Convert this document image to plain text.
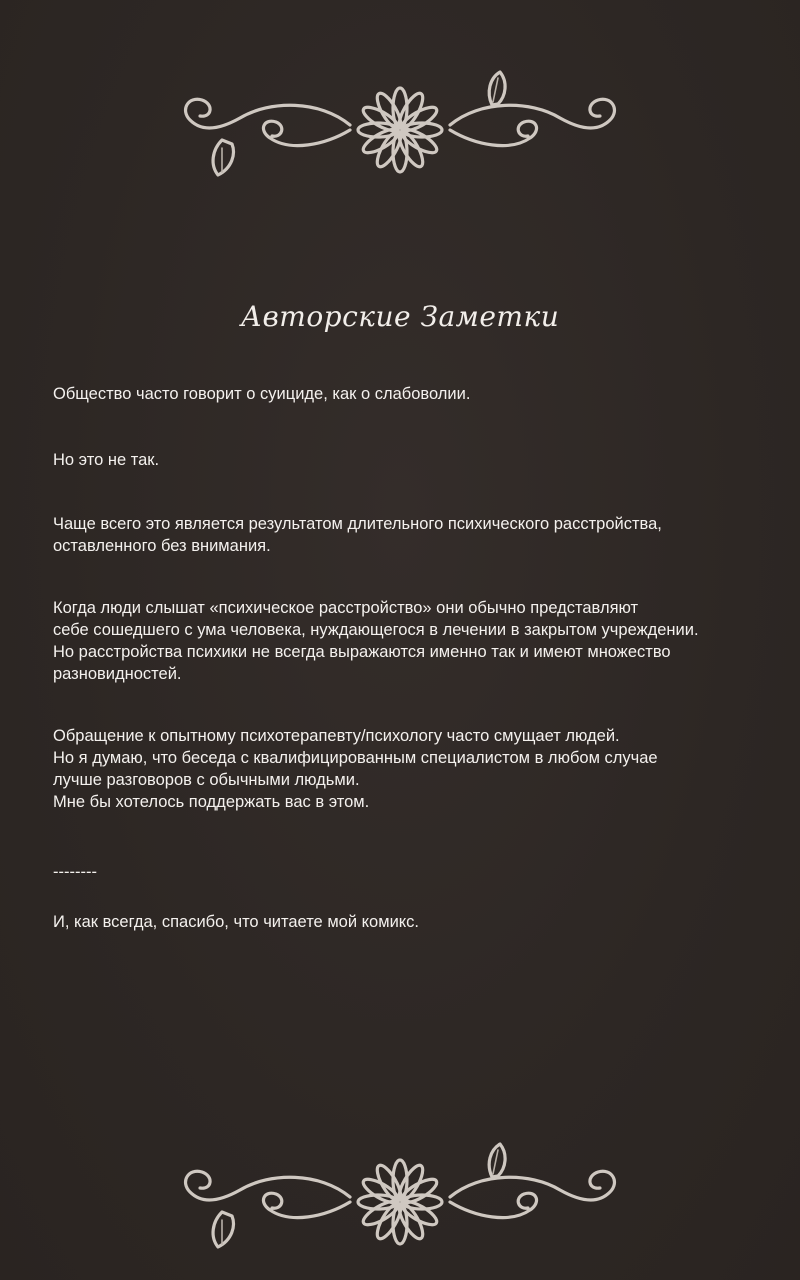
Авторские Заметки

Общество часто говорит о суициде, как о слабоволии.

Но это не так.

Чаще всего это является результатом длительного психического расстройства,
оставленного без внимания.

Когда люди слышат «психическое расстройство» они обычно представляют
себе сошедшего с ума человека, нуждающегося в лечении в закрытом учреждении.
Но расстройства психики не всегда выражаются именно так и имеют множество
разновидностей.

Обращение к опытному психотерапевту/психологу часто смущает людей.
Но я думаю, что беседа с квалифицированным специалистом в любом случае
лучше разговоров с обычными людьми.
Мне бы хотелось поддержать вас в этом.

--------

И, как всегда, спасибо, что читаете мой комикс.
